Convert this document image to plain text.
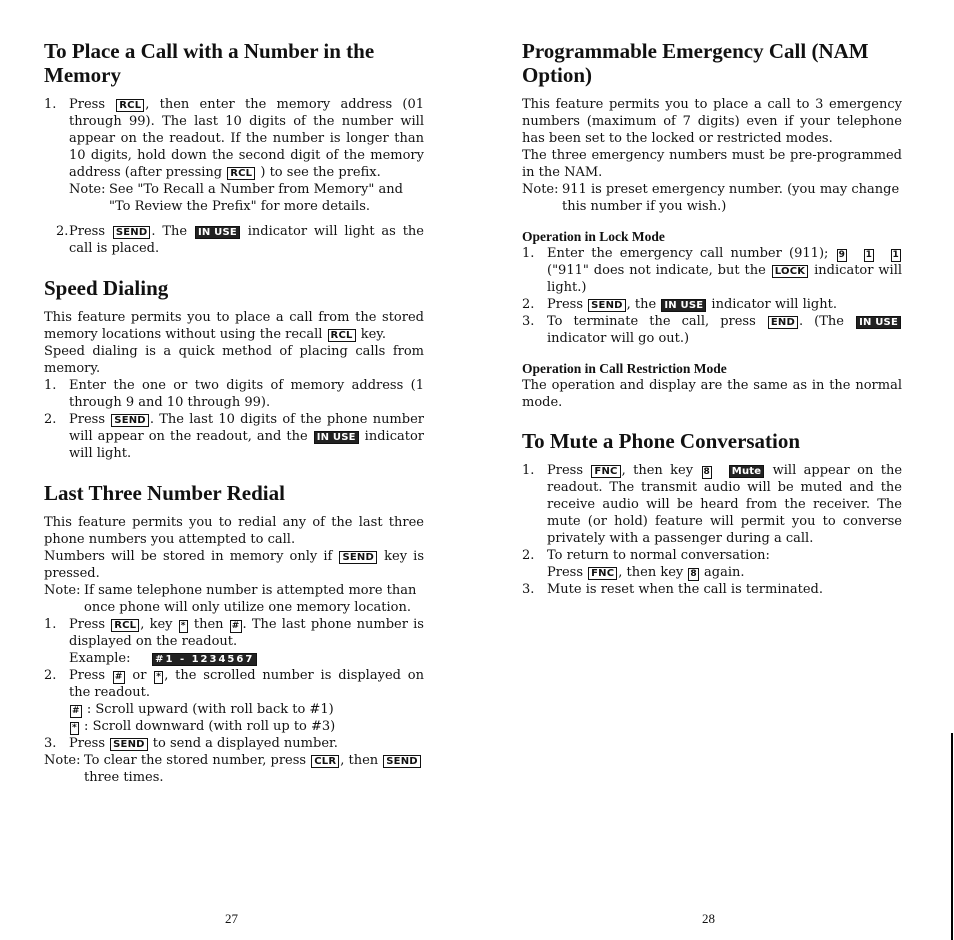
To Place a Call with a Number in the Memory
1. Press RCL , then enter the memory address (01 through 99). The last 10 digits of the number will appear on the readout. If the number is longer than 10 digits, hold down the second digit of the memory address (after pressing RCL ) to see the prefix.
Note: See "To Recall a Number from Memory" and "To Review the Prefix" for more details.
2. Press SEND . The IN USE indicator will light as the call is placed.
Speed Dialing

This feature permits you to place a call from the stored memory locations without using the recall RCL key.

Speed dialing is a quick method of placing calls from memory.

1. Enter the one or two digits of memory address (1 through 9 and 10 through 99).
2. Press SEND . The last 10 digits of the phone number will appear on the readout, and the IN USE indicator will light.
Last Three Number Redial

This feature permits you to redial any of the last three phone numbers you attempted to call.

Numbers will be stored in memory only if SEND key is pressed.

Note: If same telephone number is attempted more than once phone will only utilize one memory location.
1. Press RCL , key * then # . The last phone number is displayed on the readout.
Example: #1 - 1234567
2. Press # or * , the scrolled number is displayed on the readout.
# : Scroll upward (with roll back to #1)
* : Scroll downward (with roll up to #3)
3. Press SEND to send a displayed number.
Note: To clear the stored number, press CLR , then SEND three times.
Programmable Emergency Call (NAM Option)

This feature permits you to place a call to 3 emergency numbers (maximum of 7 digits) even if your telephone has been set to the locked or restricted modes.

The three emergency numbers must be pre-programmed in the NAM.

Note: 911 is preset emergency number. (you may change this number if you wish.)
Operation in Lock Mode
1. Enter the emergency call number (911); 9 1 1 ("911" does not indicate, but the LOCK indicator will light.)
2. Press SEND , the IN USE indicator will light.
3. To terminate the call, press END . (The IN USE indicator will go out.)
Operation in Call Restriction Mode

The operation and display are the same as in the normal mode.

To Mute a Phone Conversation
1. Press FNC , then key 8 Mute will appear on the readout. The transmit audio will be muted and the receive audio will be heard from the receiver. The mute (or hold) feature will permit you to converse privately with a passenger during a call.
2. To return to normal conversation:
Press FNC , then key 8 again.
3. Mute is reset when the call is terminated.
27	28
